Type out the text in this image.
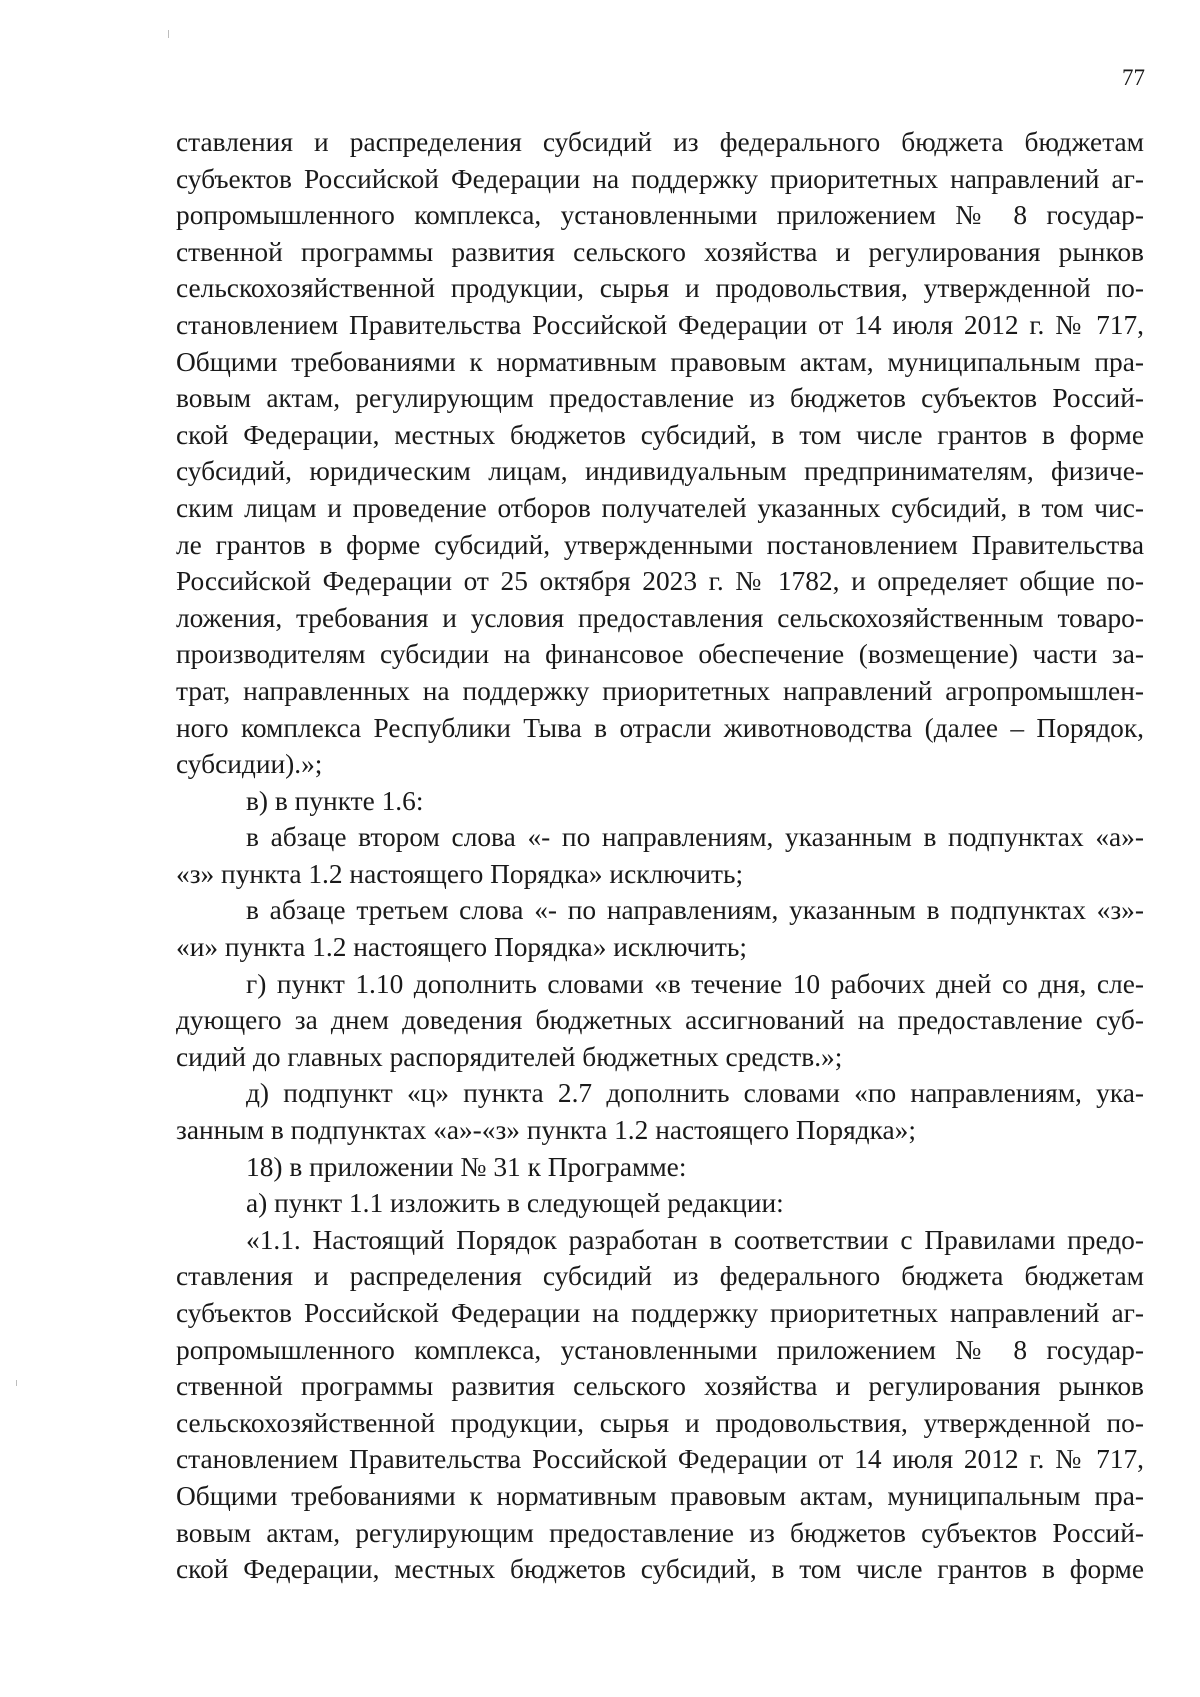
77
ставления и распределения субсидий из федерального бюджета бюджетам
субъектов Российской Федерации на поддержку приоритетных направлений аг-
ропромышленного комплекса, установленными приложением № 8 государ-
ственной программы развития сельского хозяйства и регулирования рынков
сельскохозяйственной продукции, сырья и продовольствия, утвержденной по-
становлением Правительства Российской Федерации от 14 июля 2012 г. № 717,
Общими требованиями к нормативным правовым актам, муниципальным пра-
вовым актам, регулирующим предоставление из бюджетов субъектов Россий-
ской Федерации, местных бюджетов субсидий, в том числе грантов в форме
субсидий, юридическим лицам, индивидуальным предпринимателям, физиче-
ским лицам и проведение отборов получателей указанных субсидий, в том чис-
ле грантов в форме субсидий, утвержденными постановлением Правительства
Российской Федерации от 25 октября 2023 г. № 1782, и определяет общие по-
ложения, требования и условия предоставления сельскохозяйственным товаро-
производителям субсидии на финансовое обеспечение (возмещение) части за-
трат, направленных на поддержку приоритетных направлений агропромышлен-
ного комплекса Республики Тыва в отрасли животноводства (далее – Порядок,
субсидии).»;
в) в пункте 1.6:
в абзаце втором слова «- по направлениям, указанным в подпунктах «а»-
«з» пункта 1.2 настоящего Порядка» исключить;
в абзаце третьем слова «- по направлениям, указанным в подпунктах «з»-
«и» пункта 1.2 настоящего Порядка» исключить;
г) пункт 1.10 дополнить словами «в течение 10 рабочих дней со дня, сле-
дующего за днем доведения бюджетных ассигнований на предоставление суб-
сидий до главных распорядителей бюджетных средств.»;
д) подпункт «ц» пункта 2.7 дополнить словами «по направлениям, ука-
занным в подпунктах «а»-«з» пункта 1.2 настоящего Порядка»;
18) в приложении № 31 к Программе:
а) пункт 1.1 изложить в следующей редакции:
«1.1. Настоящий Порядок разработан в соответствии с Правилами предо-
ставления и распределения субсидий из федерального бюджета бюджетам
субъектов Российской Федерации на поддержку приоритетных направлений аг-
ропромышленного комплекса, установленными приложением № 8 государ-
ственной программы развития сельского хозяйства и регулирования рынков
сельскохозяйственной продукции, сырья и продовольствия, утвержденной по-
становлением Правительства Российской Федерации от 14 июля 2012 г. № 717,
Общими требованиями к нормативным правовым актам, муниципальным пра-
вовым актам, регулирующим предоставление из бюджетов субъектов Россий-
ской Федерации, местных бюджетов субсидий, в том числе грантов в форме
